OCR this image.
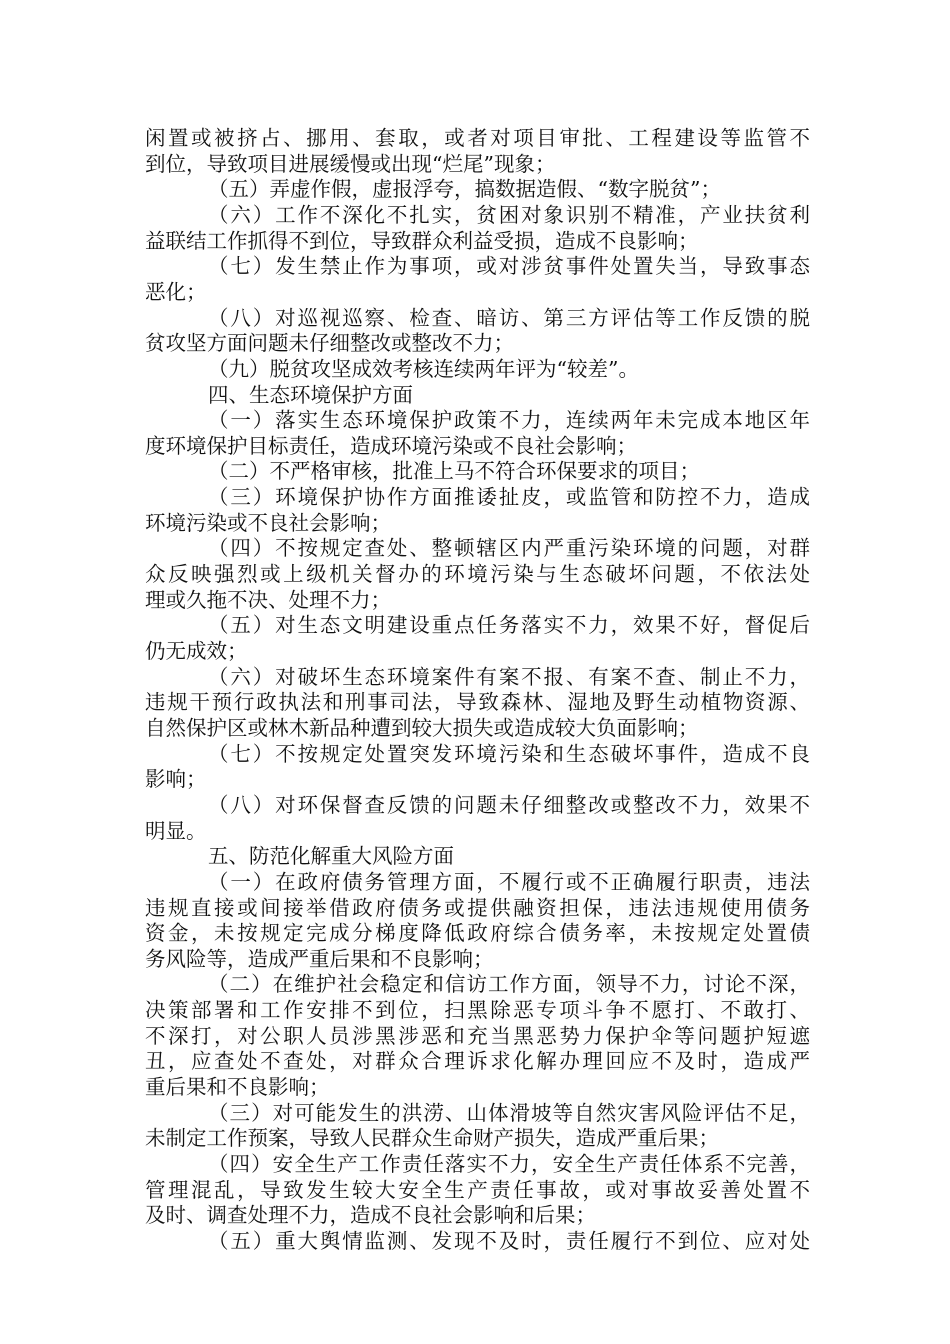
闲置或被挤占、挪用、套取，或者对项目审批、工程建设等监管不
到位，导致项目进展缓慢或出现“烂尾”现象；
（五）弄虚作假，虚报浮夸，搞数据造假、“数字脱贫”；
（六）工作不深化不扎实，贫困对象识别不精准，产业扶贫利
益联结工作抓得不到位，导致群众利益受损，造成不良影响；
（七）发生禁止作为事项，或对涉贫事件处置失当，导致事态
恶化；
（八）对巡视巡察、检查、暗访、第三方评估等工作反馈的脱
贫攻坚方面问题未仔细整改或整改不力；
（九）脱贫攻坚成效考核连续两年评为“较差”。
四、生态环境保护方面
（一）落实生态环境保护政策不力，连续两年未完成本地区年
度环境保护目标责任，造成环境污染或不良社会影响；
（二）不严格审核，批准上马不符合环保要求的项目；
（三）环境保护协作方面推诿扯皮，或监管和防控不力，造成
环境污染或不良社会影响；
（四）不按规定查处、整顿辖区内严重污染环境的问题，对群
众反映强烈或上级机关督办的环境污染与生态破坏问题，不依法处
理或久拖不决、处理不力；
（五）对生态文明建设重点任务落实不力，效果不好，督促后
仍无成效；
（六）对破坏生态环境案件有案不报、有案不查、制止不力，
违规干预行政执法和刑事司法，导致森林、湿地及野生动植物资源、
自然保护区或林木新品种遭到较大损失或造成较大负面影响；
（七）不按规定处置突发环境污染和生态破坏事件，造成不良
影响；
（八）对环保督查反馈的问题未仔细整改或整改不力，效果不
明显。
五、防范化解重大风险方面
（一）在政府债务管理方面，不履行或不正确履行职责，违法
违规直接或间接举借政府债务或提供融资担保，违法违规使用债务
资金，未按规定完成分梯度降低政府综合债务率，未按规定处置债
务风险等，造成严重后果和不良影响；
（二）在维护社会稳定和信访工作方面，领导不力，讨论不深，
决策部署和工作安排不到位，扫黑除恶专项斗争不愿打、不敢打、
不深打，对公职人员涉黑涉恶和充当黑恶势力保护伞等问题护短遮
丑，应查处不查处，对群众合理诉求化解办理回应不及时，造成严
重后果和不良影响；
（三）对可能发生的洪涝、山体滑坡等自然灾害风险评估不足，
未制定工作预案，导致人民群众生命财产损失，造成严重后果；
（四）安全生产工作责任落实不力，安全生产责任体系不完善，
管理混乱，导致发生较大安全生产责任事故，或对事故妥善处置不
及时、调查处理不力，造成不良社会影响和后果；
（五）重大舆情监测、发现不及时，责任履行不到位、应对处
